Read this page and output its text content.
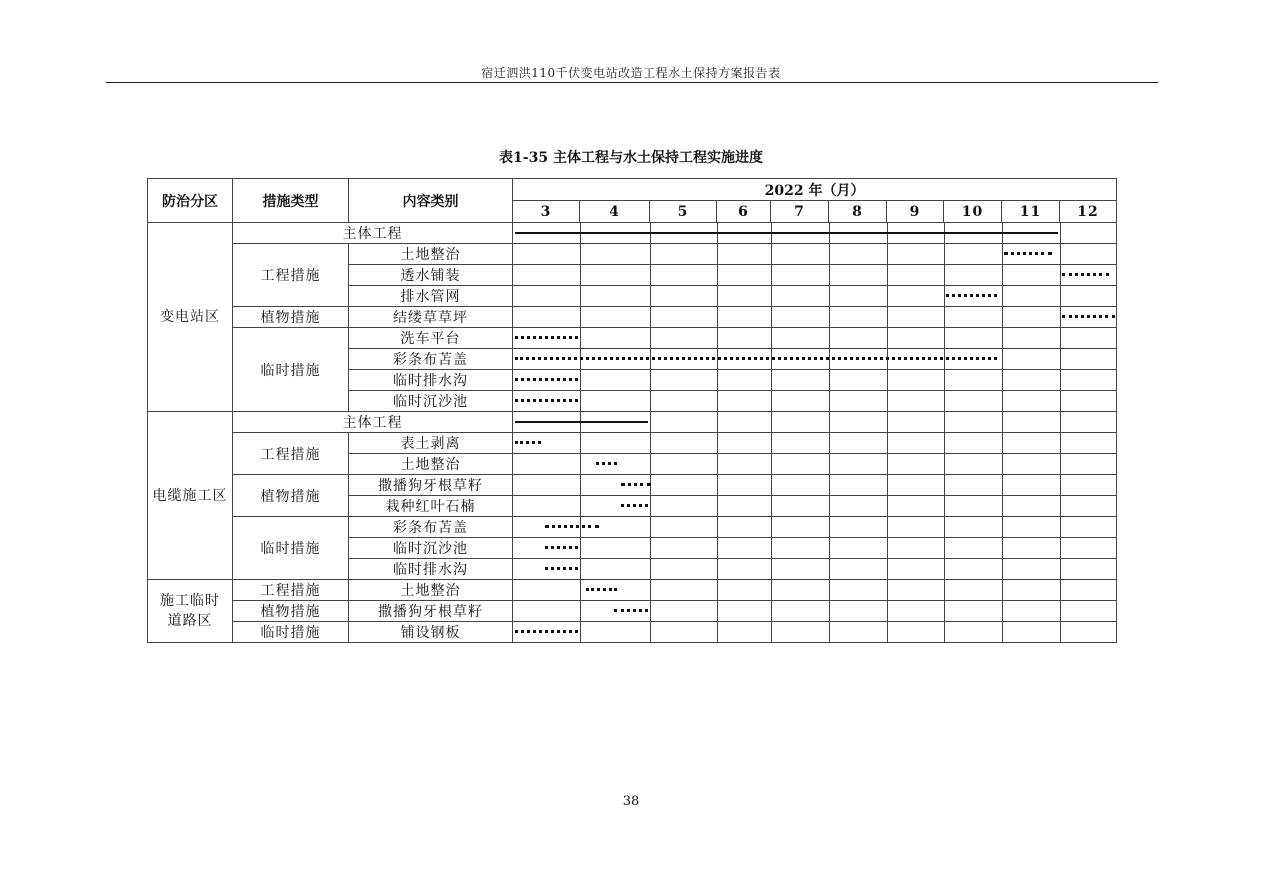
宿迁泗洪110千伏变电站改造工程水土保持方案报告表
表1-35 主体工程与水土保持工程实施进度
防治分区	措施类型	内容类别	2022 年（月）									
			3	4	5	6	7	8	9	10	11	12
变电站区	主体工程											

	工程措施	土地整治										

		透水铺装										

		排水管网										

	植物措施	结缕草草坪										

	临时措施	洗车平台										

		彩条布苫盖										

		临时排水沟										

		临时沉沙池										

电缆施工区	主体工程											

	工程措施	表土剥离										

		土地整治										

	植物措施	撒播狗牙根草籽										

		栽种红叶石楠										

	临时措施	彩条布苫盖										

		临时沉沙池										

		临时排水沟										

施工临时道路区	工程措施	土地整治										

	植物措施	撒播狗牙根草籽										

	临时措施	铺设钢板										
38
